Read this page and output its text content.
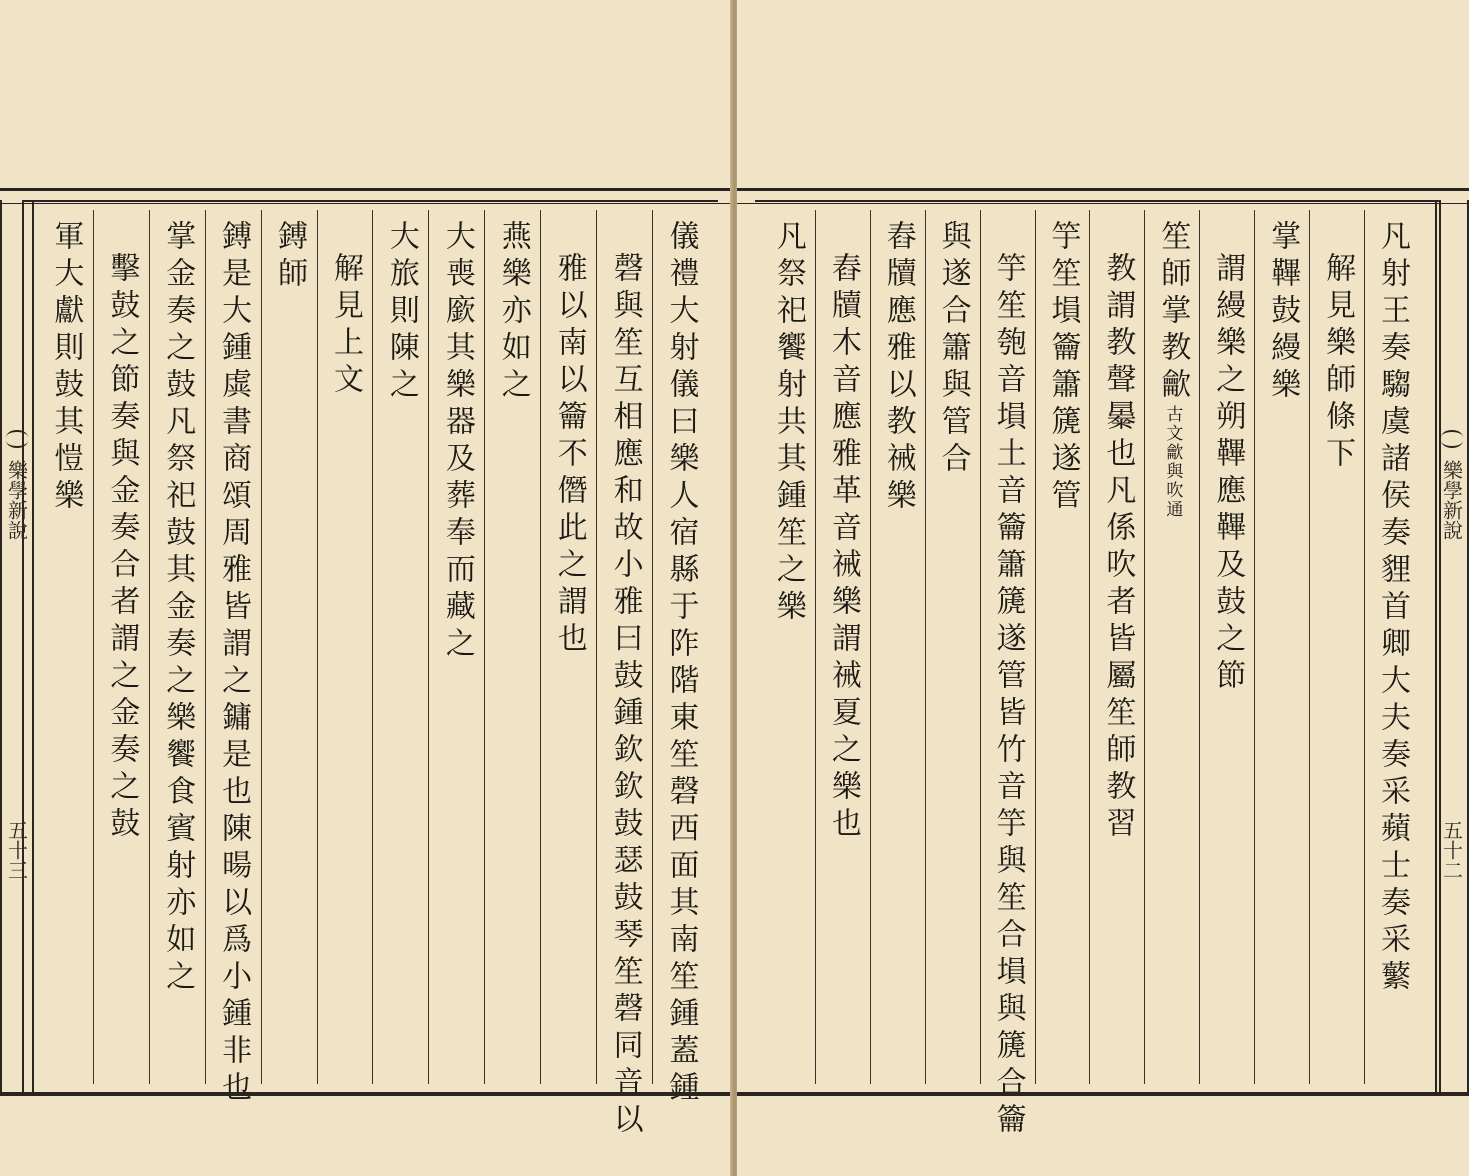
樂學新說
五十三	儀禮大射儀曰樂人宿縣于阼階東笙磬西面其南笙鍾蓋鍾
磬與笙互相應和故小雅曰鼓鍾欽欽鼓瑟鼓琴笙磬同音以
雅以南以籥不僭此之謂也
燕樂亦如之
大喪廞其樂器及葬奉而藏之
大旅則陳之
解見上文
鎛師
鎛是大鍾虡書商頌周雅皆謂之鏞是也陳暘以爲小鍾非也
掌金奏之鼓凡祭祀鼓其金奏之樂饗食賓射亦如之
擊鼓之節奏與金奏合者謂之金奏之鼓
軍大獻則鼓其愷樂	樂學新說
五十二
凡射王奏騶虞諸侯奏貍首卿大夫奏采蘋士奏采蘩
解見樂師條下
掌鞸鼓縵樂
謂縵樂之朔鞸應鞸及鼓之節
笙師掌教龡古文龡與吹通
教謂教聲㬥也凡係吹者皆屬笙師教習
竽笙塤籥簫篪遂管
竽笙匏音塤土音籥簫篪遂管皆竹音竽與笙合塤與篪合籥
與遂合簫與管合
舂牘應雅以教祴樂
舂牘木音應雅革音祴樂謂祴夏之樂也
凡祭祀饗射共其鍾笙之樂
